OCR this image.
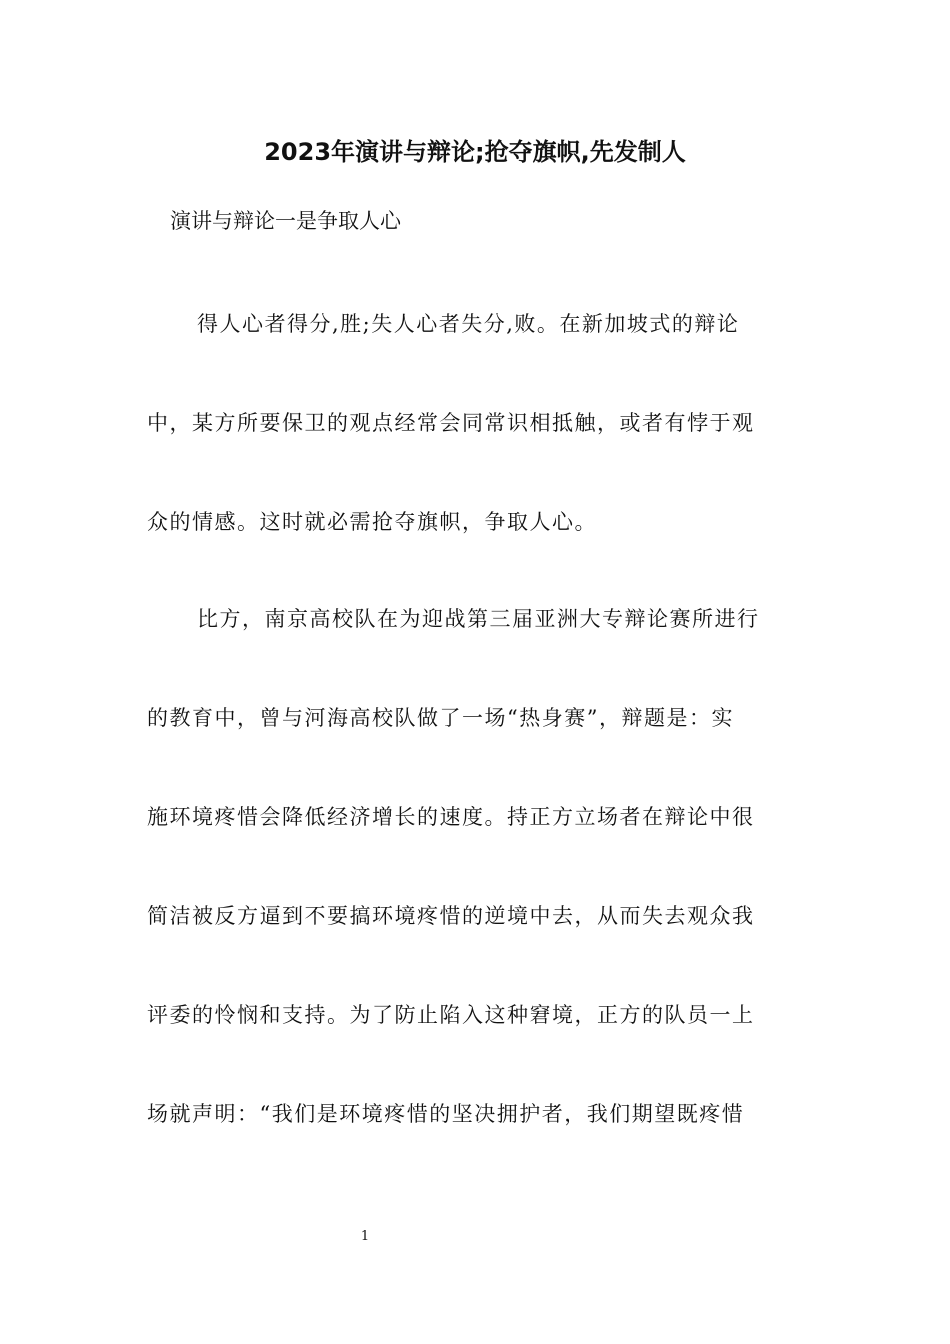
2023年演讲与辩论;抢夺旗帜,先发制人

演讲与辩论一是争取人心

得人心者得分,胜;失人心者失分,败。在新加坡式的辩论
中，某方所要保卫的观点经常会同常识相抵触，或者有悖于观
众的情感。这时就必需抢夺旗帜，争取人心。
比方，南京高校队在为迎战第三届亚洲大专辩论赛所进行
的教育中，曾与河海高校队做了一场“热身赛”，辩题是：实
施环境疼惜会降低经济增长的速度。持正方立场者在辩论中很
简洁被反方逼到不要搞环境疼惜的逆境中去，从而失去观众我
评委的怜悯和支持。为了防止陷入这种窘境，正方的队员一上
场就声明：“我们是环境疼惜的坚决拥护者，我们期望既疼惜
1
